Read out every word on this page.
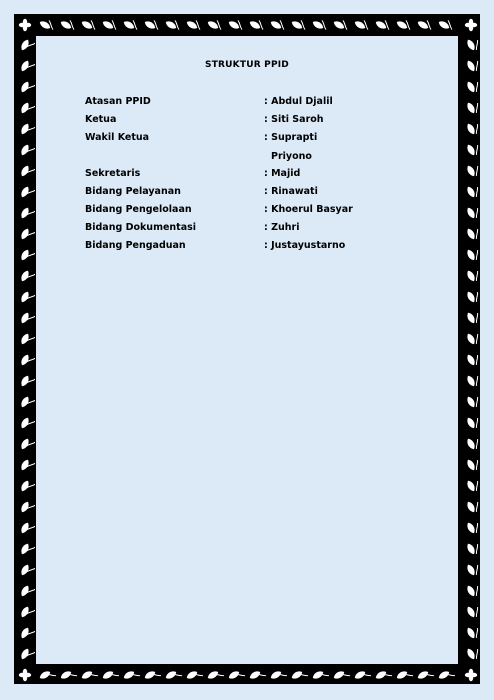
STRUKTUR PPID
Atasan PPID	: Abdul Djalil
Ketua	: Siti Saroh
Wakil Ketua	: Suprapti
Priyono
Sekretaris	: Majid
Bidang Pelayanan	: Rinawati
Bidang Pengelolaan	: Khoerul Basyar
Bidang Dokumentasi	: Zuhri
Bidang Pengaduan	: Justayustarno
